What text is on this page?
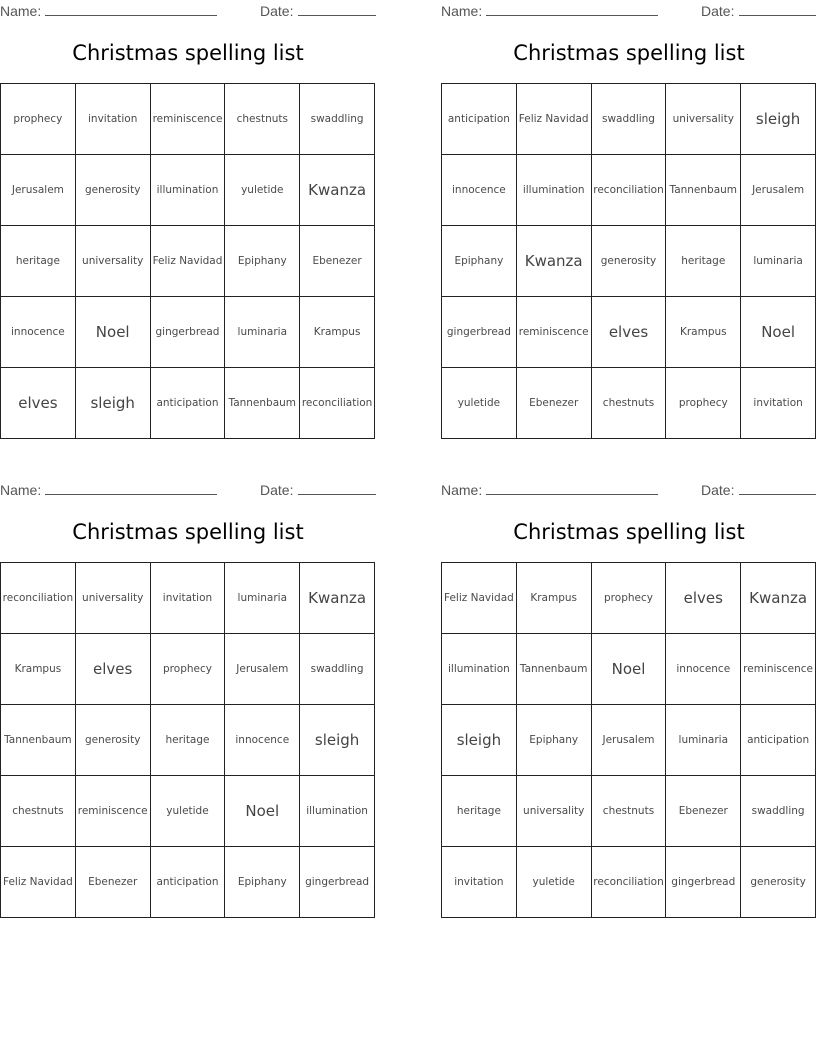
Name:	Date:
Christmas spelling list
prophecy	invitation	reminiscence	chestnuts	swaddling
Jerusalem	generosity	illumination	yuletide	Kwanza
heritage	universality	Feliz Navidad	Epiphany	Ebenezer
innocence	Noel	gingerbread	luminaria	Krampus
elves	sleigh	anticipation	Tannenbaum	reconciliation
Name:	Date:
Christmas spelling list
anticipation	Feliz Navidad	swaddling	universality	sleigh
innocence	illumination	reconciliation	Tannenbaum	Jerusalem
Epiphany	Kwanza	generosity	heritage	luminaria
gingerbread	reminiscence	elves	Krampus	Noel
yuletide	Ebenezer	chestnuts	prophecy	invitation
Name:	Date:
Christmas spelling list
reconciliation	universality	invitation	luminaria	Kwanza
Krampus	elves	prophecy	Jerusalem	swaddling
Tannenbaum	generosity	heritage	innocence	sleigh
chestnuts	reminiscence	yuletide	Noel	illumination
Feliz Navidad	Ebenezer	anticipation	Epiphany	gingerbread
Name:	Date:
Christmas spelling list
Feliz Navidad	Krampus	prophecy	elves	Kwanza
illumination	Tannenbaum	Noel	innocence	reminiscence
sleigh	Epiphany	Jerusalem	luminaria	anticipation
heritage	universality	chestnuts	Ebenezer	swaddling
invitation	yuletide	reconciliation	gingerbread	generosity
